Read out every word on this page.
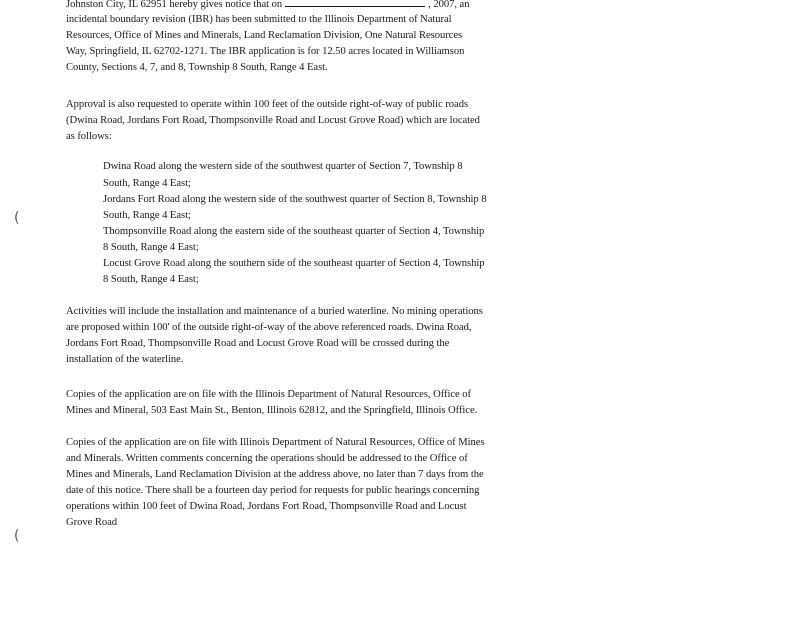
Johnston City, IL 62951 hereby gives notice that on	, 2007, an
incidental boundary revision (IBR) has been submitted to the Illinois Department of Natural
Resources, Office of Mines and Minerals, Land Reclamation Division, One Natural Resources
Way, Springfield, IL 62702-1271. The IBR application is for 12.50 acres located in Williamson
County, Sections 4, 7, and 8, Township 8 South, Range 4 East.
Approval is also requested to operate within 100 feet of the outside right-of-way of public roads
(Dwina Road, Jordans Fort Road, Thompsonville Road and Locust Grove Road) which are located
as follows:
Dwina Road along the western side of the southwest quarter of Section 7, Township 8
South, Range 4 East;
Jordans Fort Road along the western side of the southwest quarter of Section 8, Township 8
South, Range 4 East;
Thompsonville Road along the eastern side of the southeast quarter of Section 4, Township
8 South, Range 4 East;
Locust Grove Road along the southern side of the southeast quarter of Section 4, Township
8 South, Range 4 East;
Activities will include the installation and maintenance of a buried waterline. No mining operations
are proposed within 100' of the outside right-of-way of the above referenced roads. Dwina Road,
Jordans Fort Road, Thompsonville Road and Locust Grove Road will be crossed during the
installation of the waterline.
Copies of the application are on file with the Illinois Department of Natural Resources, Office of
Mines and Mineral, 503 East Main St., Benton, Illinois 62812, and the Springfield, Illinois Office.
Copies of the application are on file with Illinois Department of Natural Resources, Office of Mines
and Minerals. Written comments concerning the operations should be addressed to the Office of
Mines and Minerals, Land Reclamation Division at the address above, no later than 7 days from the
date of this notice. There shall be a fourteen day period for requests for public hearings concerning
operations within 100 feet of Dwina Road, Jordans Fort Road, Thompsonville Road and Locust
Grove Road
(
(
